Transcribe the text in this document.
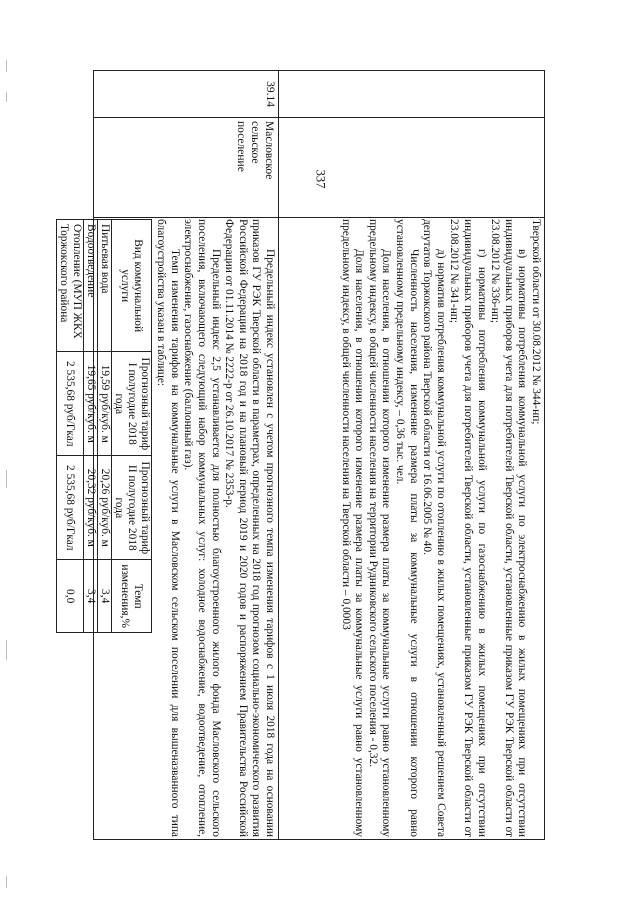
337

Тверской области от 30.08.2012 № 344-нп;

в) нормативы потребления коммунальной услуги по электроснабжению в жилых помещениях при отсутствии индивидуальных приборов учета для потребителей Тверской области, установленные приказом ГУ РЭК Тверской области от 23.08.2012 № 336-нп;

г) нормативы потребления коммунальной услуги по газоснабжению в жилых помещениях при отсутствии индивидуальных приборов учета для потребителей Тверской области, установленные приказом ГУ РЭК Тверской области от 23.08.2012 № 341-нп;

д) норматив потребления коммунальной услуги по отоплению в жилых помещениях, установленный решением Совета депутатов Торжокского района Тверской области от 16.06.2005 № 40.

Численность населения, изменение размера платы за коммунальные услуги в отношении которого равно установленному предельному индексу, – 0,36 тыс. чел.

Доля населения, в отношении которого изменение размера платы за коммунальные услуги равно установленному предельному индексу, в общей численности населения на территории Рудниковского сельского поселения - 0,32.

Доля населения, в отношении которого изменение размера платы за коммунальные услуги равно установленному предельному индексу, в общей численности населения на Тверской области – 0,0003

39.14
Масловское сельское поселение

Предельный индекс установлен с учетом прогнозного темпа изменения тарифов с 1 июля 2018 года на основании приказов ГУ РЭК Тверской области в параметрах, определенных на 2018 год прогнозом социально-экономического развития Российской Федерации на 2018 год и на плановый период 2019 и 2020 годов и распоряжением Правительства Российской Федерации от 01.11.2014 № 2222-р от 26.10.2017 № 2353-р.

Предельный индекс 2,5 устанавливается для полностью благоустроенного жилого фонда Масловского сельского поселения, включающего следующий набор коммунальных услуг: холодное водоснабжение, водоотведение, отопление, электроснабжение, газоснабжение (баллонный газ).

Темп изменения тарифов на коммунальные услуги в Масловском сельском поселении для вышеназванного типа благоустройства указан в таблице:

Вид коммунальной услуги	Прогнозный тариф I полугодие 2018 года	Прогнозный тариф II полугодие 2018 года	Темп изменения,%
Питьевая вода	19,59 руб/куб. м	20,26 руб/куб. м	3,4
Водоотведение	19,65 руб/куб. м	20,32 руб/куб. м	3,4
Отопление (МУП ЖКХ Торжокского района	2 535,68 руб/Гкал	2 535,68 руб/Гкал	0,0
